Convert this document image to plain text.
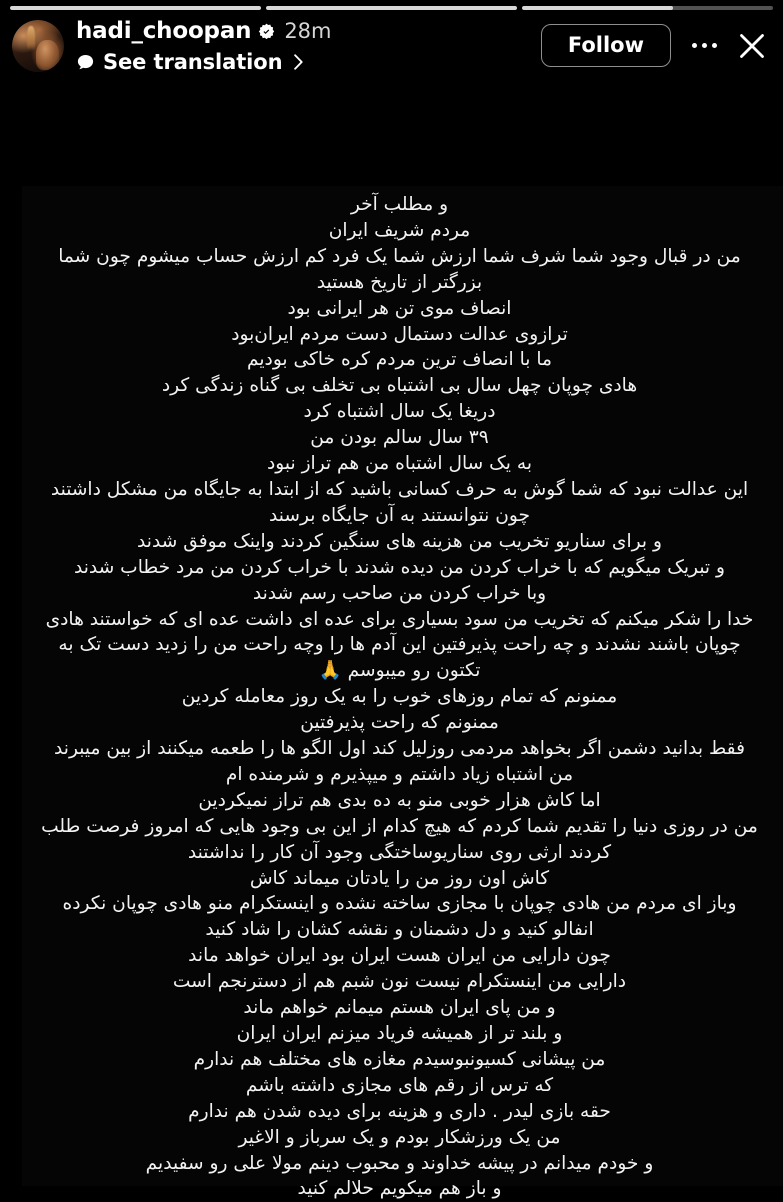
hadi_choopan 28m
See translation
Follow
و مطلب آخر
مردم شریف ایران
من در قبال وجود شما شرف شما ارزش شما یک فرد کم ارزش حساب میشوم چون شما
بزرگتر از تاریخ هستید
انصاف موی تن هر ایرانی بود
ترازوی عدالت دستمال دست مردم ایران‌بود
ما با انصاف ترین مردم کره خاکی بودیم
هادی چوپان چهل سال بی اشتباه بی تخلف بی گناه زندگی کرد
دریغا یک سال اشتباه کرد
۳۹ سال سالم بودن من
به یک سال اشتباه من هم تراز نبود
این عدالت نبود که شما گوش به حرف کسانی باشید که از ابتدا به جایگاه من مشکل داشتند
چون نتوانستند به آن جایگاه برسند
و برای سناریو تخریب من هزینه های سنگین کردند واینک موفق شدند
و تبریک میگویم که با خراب کردن من دیده شدند با خراب کردن من مرد خطاب شدند
وبا خراب کردن من صاحب رسم شدند
خدا را شکر میکنم که تخریب من سود بسیاری برای عده ای داشت عده ای که خواستند هادی
چوپان باشند نشدند و چه راحت پذیرفتین این آدم ها را وچه راحت من را زدید دست تک به
تکتون رو میبوسم 🙏
ممنونم که تمام روزهای خوب را به یک روز معامله کردین
ممنونم که راحت پذیرفتین
فقط بدانید دشمن اگر بخواهد مردمی روزلیل کند اول الگو ها را طعمه میکنند از بین میبرند
من اشتباه زیاد داشتم و میپذیرم و شرمنده ام
اما کاش هزار خوبی منو به ده بدی هم تراز نمیکردین
من در روزی دنیا را تقدیم شما کردم که هیچ کدام از این بی وجود هایی که امروز فرصت طلب
کردند ارثی روی سناریوساختگی وجود آن کار را نداشتند
کاش اون روز من را یادتان میماند کاش
وباز ای مردم من هادی چوپان با مجازی ساخته نشده و اینستکرام منو هادی چوپان نکرده
انفالو کنید و دل دشمنان و نقشه کشان را شاد کنید
چون دارایی من ایران هست ایران بود ایران خواهد ماند
دارایی من اینستکرام نیست نون شبم هم از دسترنجم است
و من پای ایران هستم میمانم خواهم ماند
و بلند تر از همیشه فریاد میزنم ایران ایران
من پیشانی کسیونبوسیدم مغازه های مختلف هم ندارم
که ترس از رقم های مجازی داشته باشم
حقه بازی لیدر . داری و هزینه برای دیده شدن هم ندارم
من یک ورزشکار بودم و یک سرباز و الاغیر
و خودم میدانم در پیشه خداوند و محبوب دینم مولا علی رو سفیدیم
و باز هم میکویم حلالم کنید
